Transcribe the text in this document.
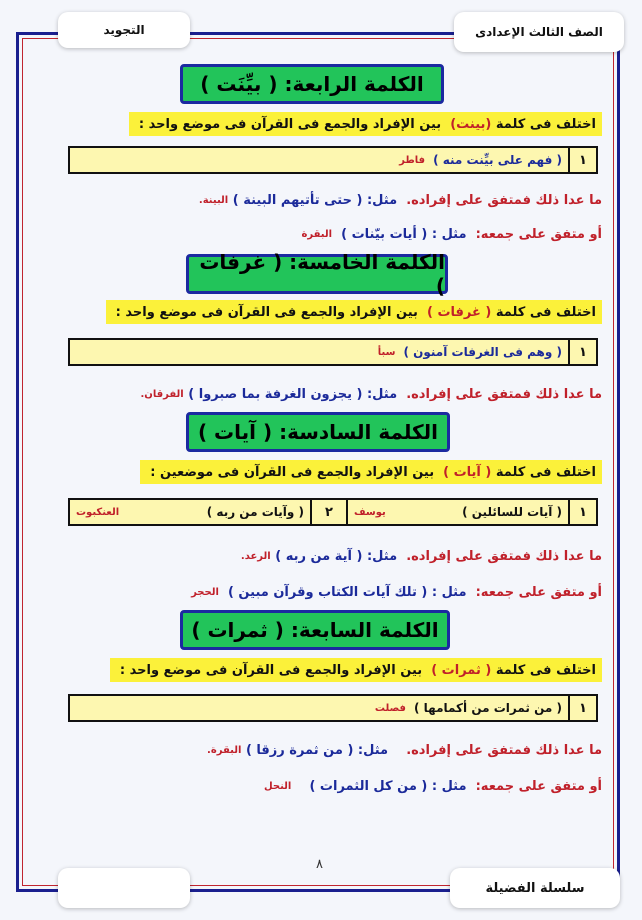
الصف الثالث الإعدادى
التجويد
الكلمة الرابعة: ( بيِّنَت )
اختلف فى كلمة

(بينت)

بين الإفراد والجمع فى القرآن فى موضع واحد :
١
( فهم على بيِّنت منه )
فاطر
ما عدا ذلك فمتفق على إفراده.

مثل: ( حتى تأتيهم البينة )

البينة.
أو متفق على جمعه:

مثل : ( أيات بيّنات )

البقرة
الكلمة الخامسة: ( غرفات )
اختلف فى كلمة

( غرفات )

بين الإفراد والجمع فى القرآن فى موضع واحد :
١
( وهم فى الغرفات آمنون )
سبأ
ما عدا ذلك فمتفق على إفراده.

مثل: ( يجزون الغرفة بما صبروا )

الفرقان.
الكلمة السادسة: ( آيات )
اختلف فى كلمة

( آيات )

بين الإفراد والجمع فى القرآن فى موضعين :
١
( آيات للسائلين )
يوسف
٢
( وآيات من ربه )
العنكبوت
ما عدا ذلك فمتفق على إفراده.

مثل: ( آية من ربه )

الرعد.
أو متفق على جمعه:

مثل : ( تلك آيات الكتاب وقرآن مبين )

الحجر
الكلمة السابعة: ( ثمرات )
اختلف فى كلمة

( ثمرات )

بين الإفراد والجمع فى القرآن فى موضع واحد :
١
( من ثمرات من أكمامها )
فصلت
ما عدا ذلك فمتفق على إفراده.

مثل: ( من ثمرة رزقا )

البقرة.
أو متفق على جمعه:

مثل : ( من كل الثمرات )

النحل
٨
سلسلة الفضيلة
